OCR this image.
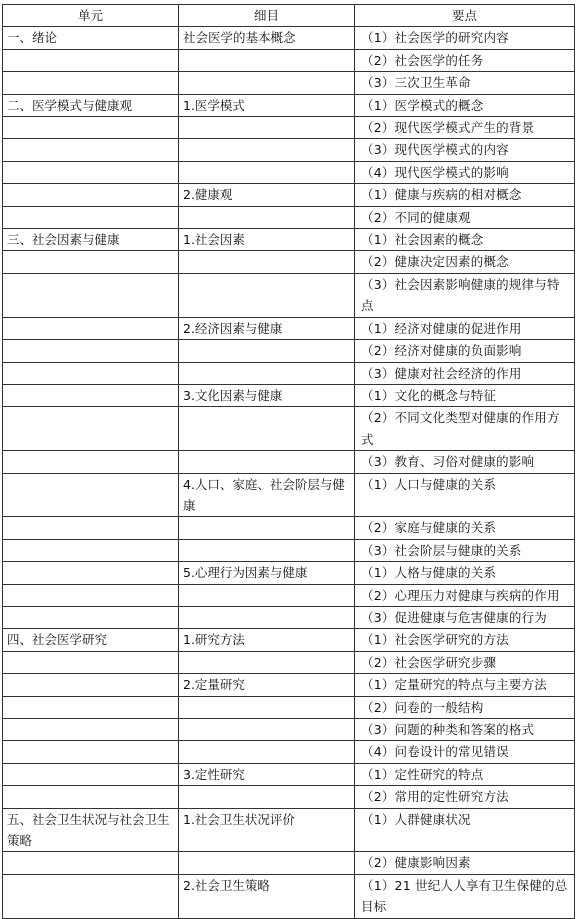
单元	细目	要点
一、绪论	社会医学的基本概念	（1）社会医学的研究内容
		（2）社会医学的任务
		（3）三次卫生革命
二、医学模式与健康观	1.医学模式	（1）医学模式的概念
		（2）现代医学模式产生的背景
		（3）现代医学模式的内容
		（4）现代医学模式的影响
	2.健康观	（1）健康与疾病的相对概念
		（2）不同的健康观
三、社会因素与健康	1.社会因素	（1）社会因素的概念
		（2）健康决定因素的概念
		（3）社会因素影响健康的规律与特点
	2.经济因素与健康	（1）经济对健康的促进作用
		（2）经济对健康的负面影响
		（3）健康对社会经济的作用
	3.文化因素与健康	（1）文化的概念与特征
		（2）不同文化类型对健康的作用方式
		（3）教育、习俗对健康的影响
	4.人口、家庭、社会阶层与健康	（1）人口与健康的关系
		（2）家庭与健康的关系
		（3）社会阶层与健康的关系
	5.心理行为因素与健康	（1）人格与健康的关系
		（2）心理压力对健康与疾病的作用
		（3）促进健康与危害健康的行为
四、社会医学研究	1.研究方法	（1）社会医学研究的方法
		（2）社会医学研究步骤
	2.定量研究	（1）定量研究的特点与主要方法
		（2）问卷的一般结构
		（3）问题的种类和答案的格式
		（4）问卷设计的常见错误
	3.定性研究	（1）定性研究的特点
		（2）常用的定性研究方法
五、社会卫生状况与社会卫生策略	1.社会卫生状况评价	（1）人群健康状况
		（2）健康影响因素
	2.社会卫生策略	（1）21 世纪人人享有卫生保健的总目标
